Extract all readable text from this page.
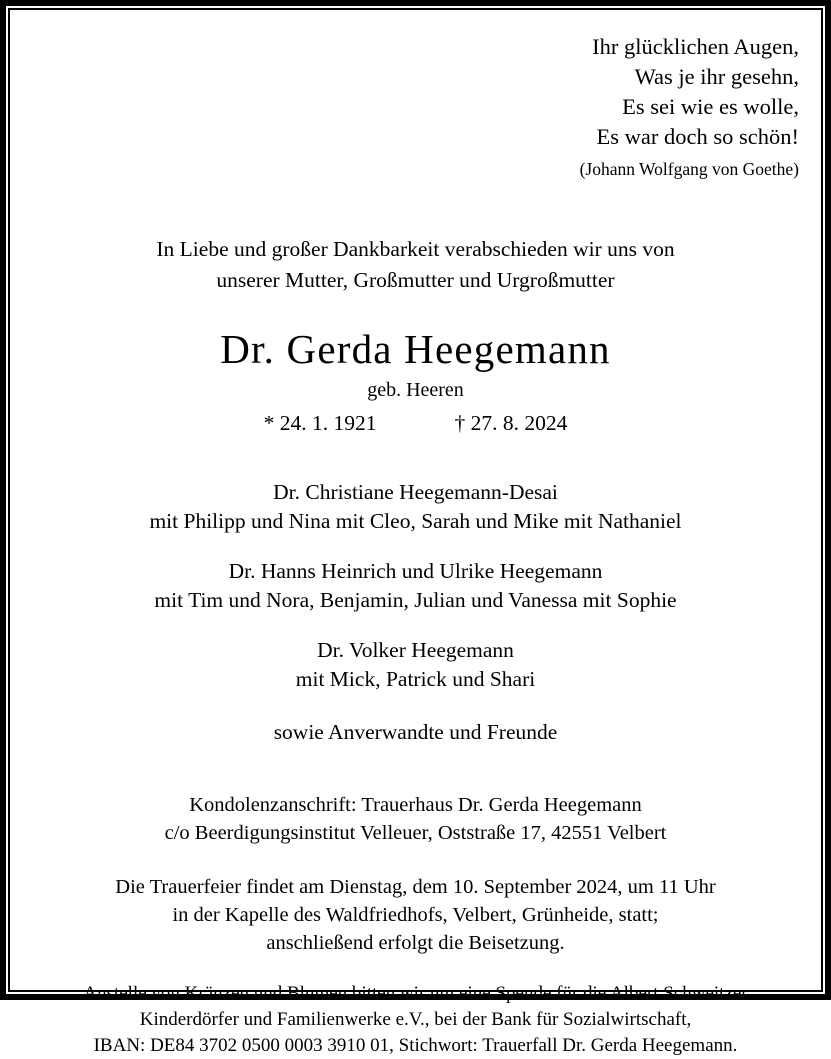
Ihr glücklichen Augen,
Was je ihr gesehn,
Es sei wie es wolle,
Es war doch so schön!
(Johann Wolfgang von Goethe)
In Liebe und großer Dankbarkeit verabschieden wir uns von
unserer Mutter, Großmutter und Urgroßmutter
Dr. Gerda Heegemann
geb. Heeren
* 24. 1. 1921	† 27. 8. 2024
Dr. Christiane Heegemann-Desai
mit Philipp und Nina mit Cleo, Sarah und Mike mit Nathaniel
Dr. Hanns Heinrich und Ulrike Heegemann
mit Tim und Nora, Benjamin, Julian und Vanessa mit Sophie
Dr. Volker Heegemann
mit Mick, Patrick und Shari
sowie Anverwandte und Freunde
Kondolenzanschrift: Trauerhaus Dr. Gerda Heegemann
c/o Beerdigungsinstitut Velleuer, Oststraße 17, 42551 Velbert
Die Trauerfeier findet am Dienstag, dem 10. September 2024, um 11 Uhr
in der Kapelle des Waldfriedhofs, Velbert, Grünheide, statt;
anschließend erfolgt die Beisetzung.
Anstelle von Kränzen und Blumen bitten wir um eine Spende für die Albert Schweitzer
Kinderdörfer und Familienwerke e.V., bei der Bank für Sozialwirtschaft,
IBAN: DE84 3702 0500 0003 3910 01, Stichwort: Trauerfall Dr. Gerda Heegemann.
